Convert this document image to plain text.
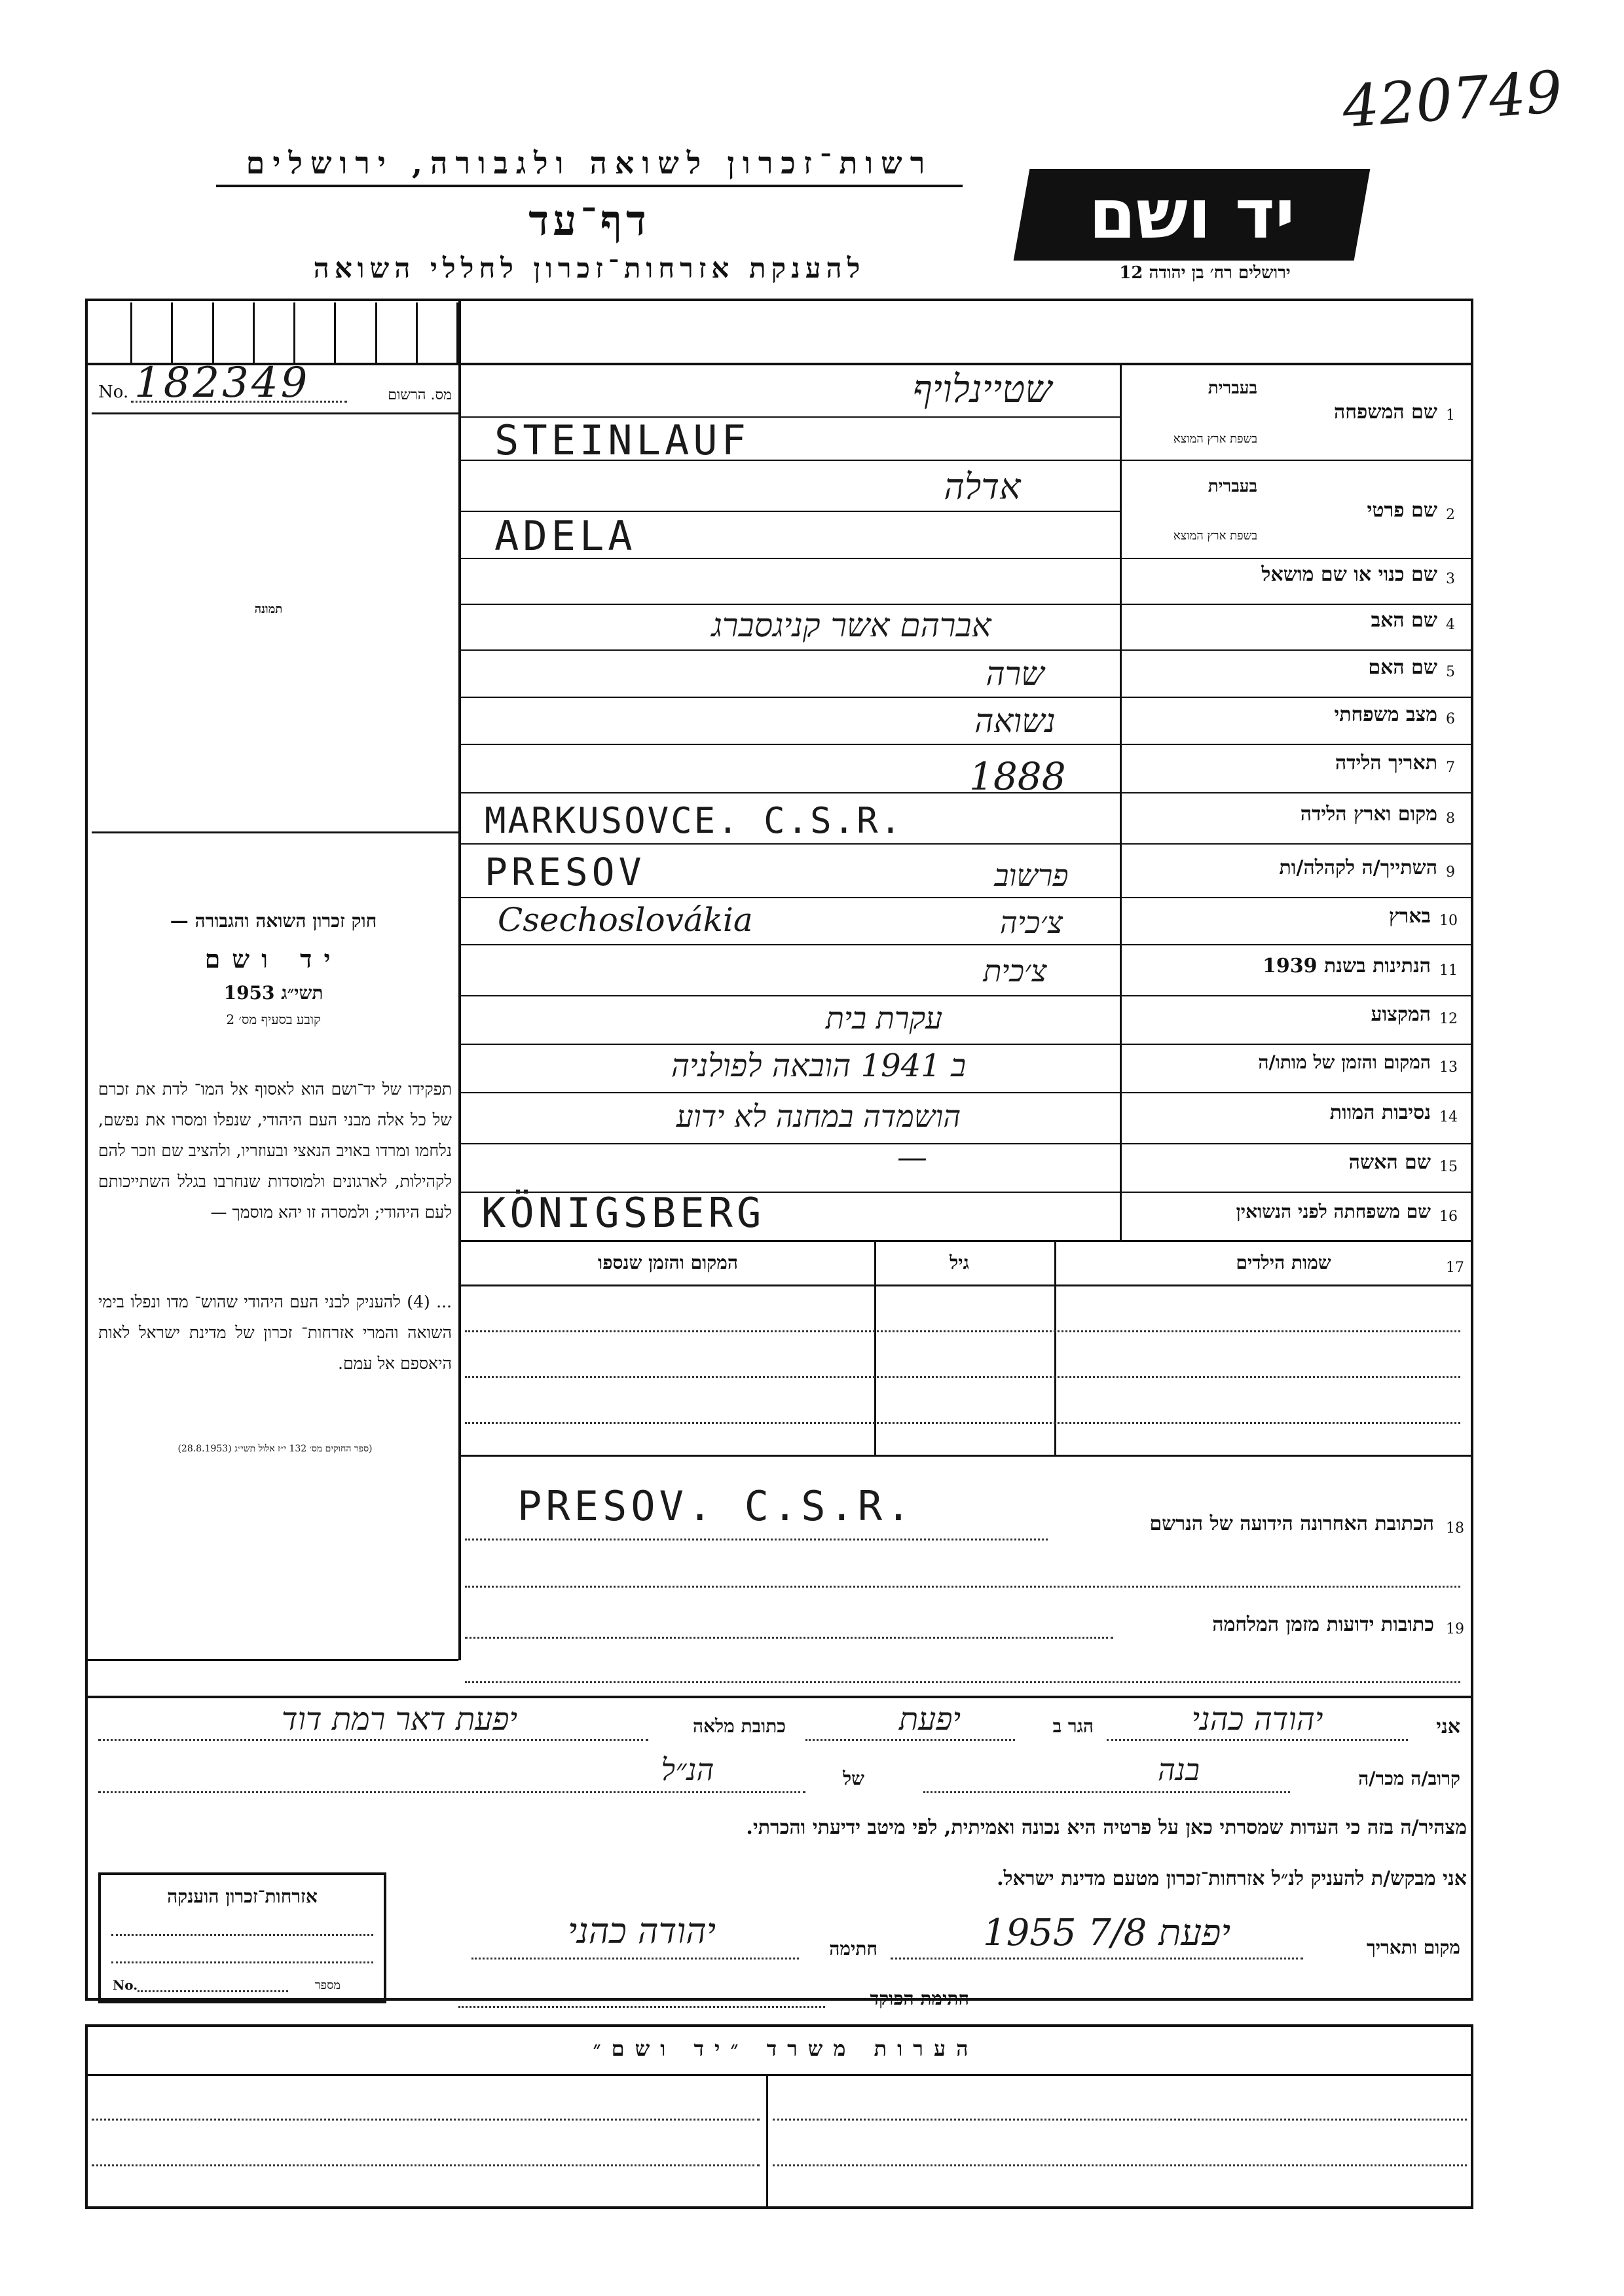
420749
רשות־זכרון לשואה ולגבורה, ירושלים
דף־עד
להענקת אזרחות־זכרון לחללי השואה
יד ושם
ירושלים רח׳ בן יהודה 12
No. 182349	מס. הרשום
תמונה
חוק זכרון השואה והגבורה —
יד ושם
תשי״ג 1953
קובע בסעיף מס׳ 2
תפקידו של יד־ושם הוא לאסוף אל המו־ לדת את זכרם של כל אלה מבני העם היהודי, שנפלו ומסרו את נפשם, נלחמו ומרדו באויב הנאצי ובעוזריו, ולהציב שם וזכר להם לקהילות, לארגונים ולמוסדות שנחרבו בגלל השתייכותם לעם היהודי; ולמסרה זו יהא מוסמך —
... (4) להעניק לבני העם היהודי שהוש־ מדו ונפלו בימי השואה והמרי אזרחות־ זכרון של מדינת ישראל לאות היאספם אל עמם.
(ספר החוקים מס׳ 132 י״ז אלול תשי״ג (28.8.1953)
1
שם המשפחה
בעברית
בשפת ארץ המוצא
שטיינלויף
STEINLAUF
2
שם פרטי
בעברית
בשפת ארץ המוצא
אדלה
ADELA
3
שם כנוי או שם מושאל
4
שם האב
אברהם אשר קניגסברג
5
שם האם
שרה
6
מצב משפחתי
נשואה
7
תאריך הלידה
1888
8
מקום וארץ הלידה
MARKUSOVCE. C.S.R.
9
השתייך/ה לקהלה/ות
PRESOV	פרשוב
10
בארץ
Csechoslovákia	צ׳כיה
11
הנתינות בשנת 1939
צ׳כית
12
המקצוע
עקרת בית
13
המקום והזמן של מותו/ה
ב 1941 הובאה לפולניה
14
נסיבות המוות
הושמדה במחנה לא ידוע
15
שם האשה
—
16
שם משפחתה לפני הנשואין
KÖNIGSBERG
17
שמות הילדים
גיל
המקום והזמן שנספו
18
הכתובת האחרונה הידועה של הנרשם
PRESOV. C.S.R.
19
כתובות ידועות מזמן המלחמה
אני
יהודה כהני
הגר ב
יפעת
כתובת מלאה
יפעת דאר רמת דוד
קרוב/ה מכר/ה
בנה
של
הנ״ל
מצהיר/ה בזה כי העדות שמסרתי כאן על פרטיה היא נכונה ואמיתית, לפי מיטב ידיעתי והכרתי.
אני מבקש/ת להעניק לנ״ל אזרחות־זכרון מטעם מדינת ישראל.
מקום ותאריך
יפעת 7/8 1955
חתימה
יהודה כהני
חתימת הפוקד
אזרחות־זכרון הוענקה
No.	מספר
הערות משרד ״יד ושם״
